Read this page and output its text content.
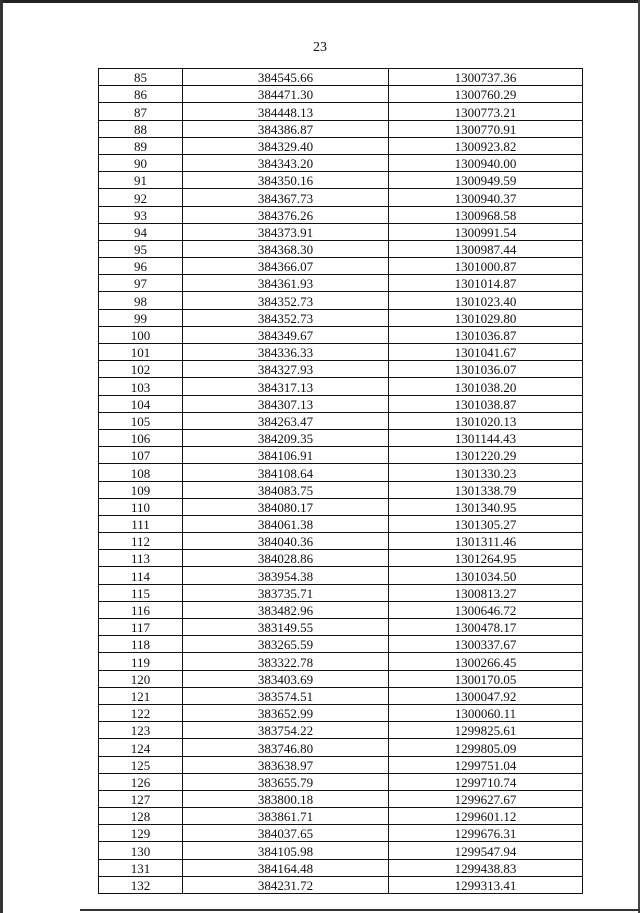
23
85	384545.66	1300737.36
86	384471.30	1300760.29
87	384448.13	1300773.21
88	384386.87	1300770.91
89	384329.40	1300923.82
90	384343.20	1300940.00
91	384350.16	1300949.59
92	384367.73	1300940.37
93	384376.26	1300968.58
94	384373.91	1300991.54
95	384368.30	1300987.44
96	384366.07	1301000.87
97	384361.93	1301014.87
98	384352.73	1301023.40
99	384352.73	1301029.80
100	384349.67	1301036.87
101	384336.33	1301041.67
102	384327.93	1301036.07
103	384317.13	1301038.20
104	384307.13	1301038.87
105	384263.47	1301020.13
106	384209.35	1301144.43
107	384106.91	1301220.29
108	384108.64	1301330.23
109	384083.75	1301338.79
110	384080.17	1301340.95
111	384061.38	1301305.27
112	384040.36	1301311.46
113	384028.86	1301264.95
114	383954.38	1301034.50
115	383735.71	1300813.27
116	383482.96	1300646.72
117	383149.55	1300478.17
118	383265.59	1300337.67
119	383322.78	1300266.45
120	383403.69	1300170.05
121	383574.51	1300047.92
122	383652.99	1300060.11
123	383754.22	1299825.61
124	383746.80	1299805.09
125	383638.97	1299751.04
126	383655.79	1299710.74
127	383800.18	1299627.67
128	383861.71	1299601.12
129	384037.65	1299676.31
130	384105.98	1299547.94
131	384164.48	1299438.83
132	384231.72	1299313.41
